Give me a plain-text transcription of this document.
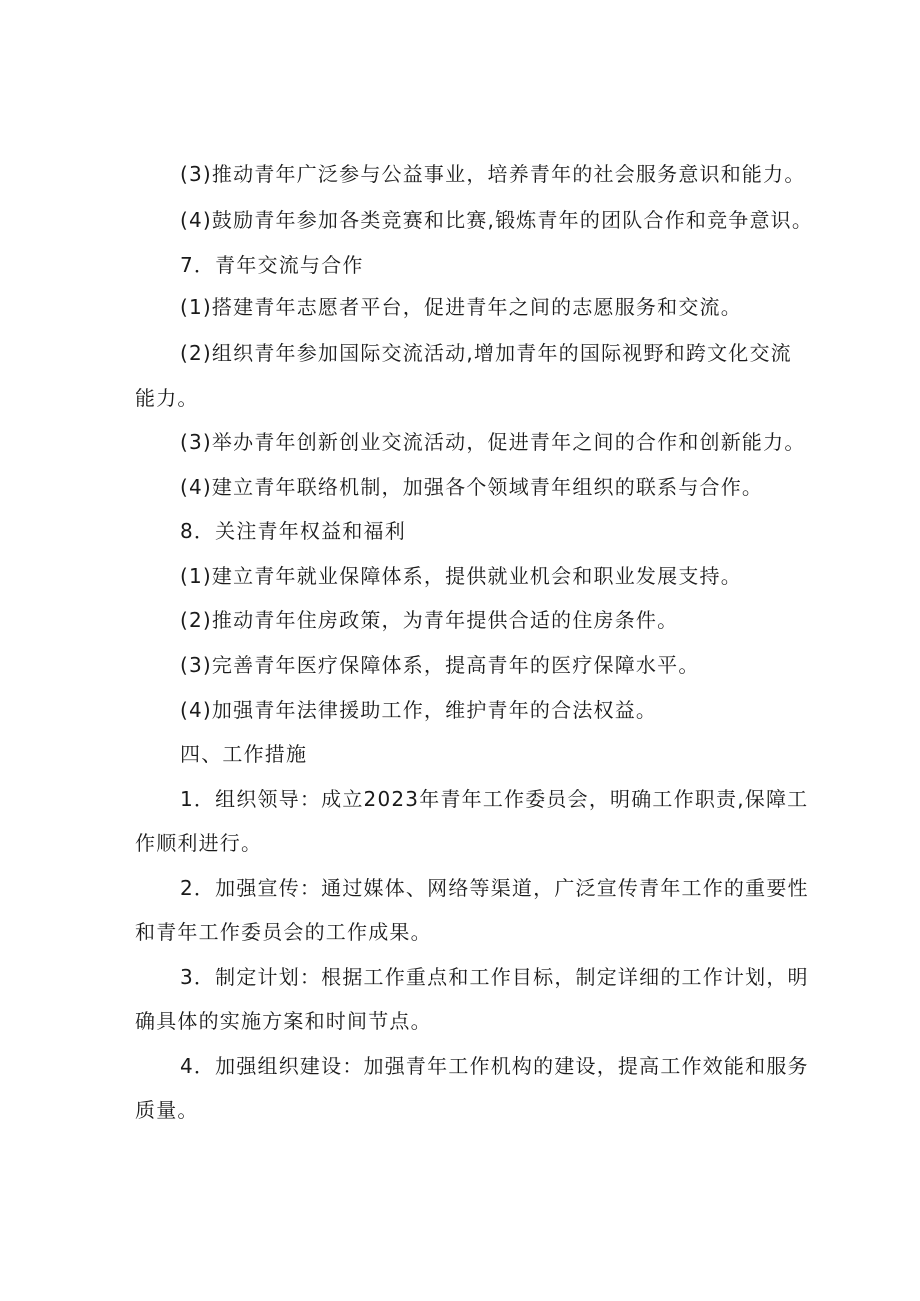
(3)推动青年广泛参与公益事业，培养青年的社会服务意识和能力。
(4)鼓励青年参加各类竞赛和比赛,锻炼青年的团队合作和竞争意识。
7．青年交流与合作
(1)搭建青年志愿者平台，促进青年之间的志愿服务和交流。
(2)组织青年参加国际交流活动,增加青年的国际视野和跨文化交流
能力。
(3)举办青年创新创业交流活动，促进青年之间的合作和创新能力。
(4)建立青年联络机制，加强各个领域青年组织的联系与合作。
8．关注青年权益和福利
(1)建立青年就业保障体系，提供就业机会和职业发展支持。
(2)推动青年住房政策，为青年提供合适的住房条件。
(3)完善青年医疗保障体系，提高青年的医疗保障水平。
(4)加强青年法律援助工作，维护青年的合法权益。
四、工作措施
1．组织领导：成立2023年青年工作委员会，明确工作职责,保障工
作顺利进行。
2．加强宣传：通过媒体、网络等渠道，广泛宣传青年工作的重要性
和青年工作委员会的工作成果。
3．制定计划：根据工作重点和工作目标，制定详细的工作计划，明
确具体的实施方案和时间节点。
4．加强组织建设：加强青年工作机构的建设，提高工作效能和服务
质量。
